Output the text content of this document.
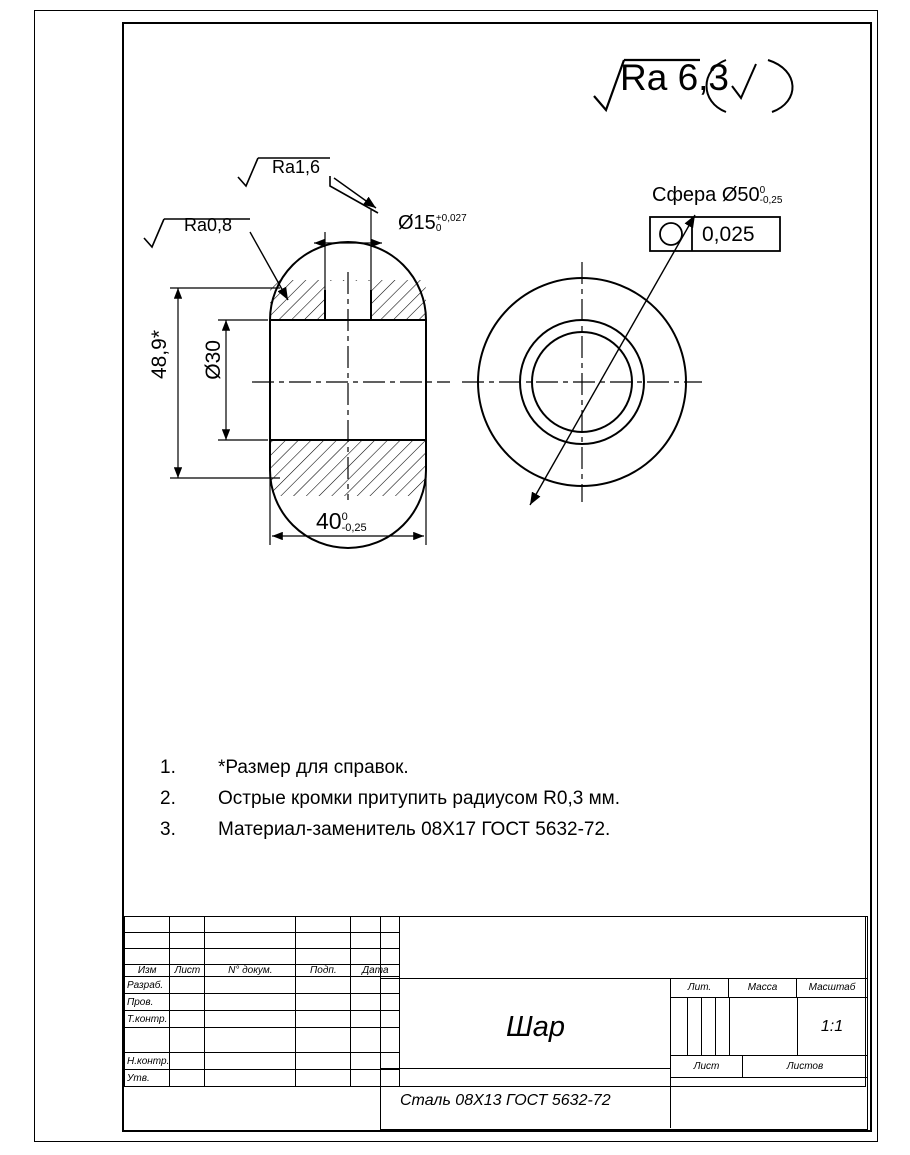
Ra 6,3
Ra1,6
Ra0,8	Ø15 +0,027
0
48,9* Ø30
40 0
-0,25
Сфера Ø50 0
-0,25
0,025
1.	*Размер для справок.
2.	Острые кромки притупить радиусом R0,3 мм.
3.	Материал-заменитель 08Х17 ГОСТ 5632-72.

Изм	Лист	N° докум.	Подп.	Дата
Разраб.				
Пров.				
Т.контр.				

Н.контр.				
Утв.				
Шар
Сталь 08Х13 ГОСТ 5632-72
Лит.	Масса	Масштаб
1:1
Лист	Листов
